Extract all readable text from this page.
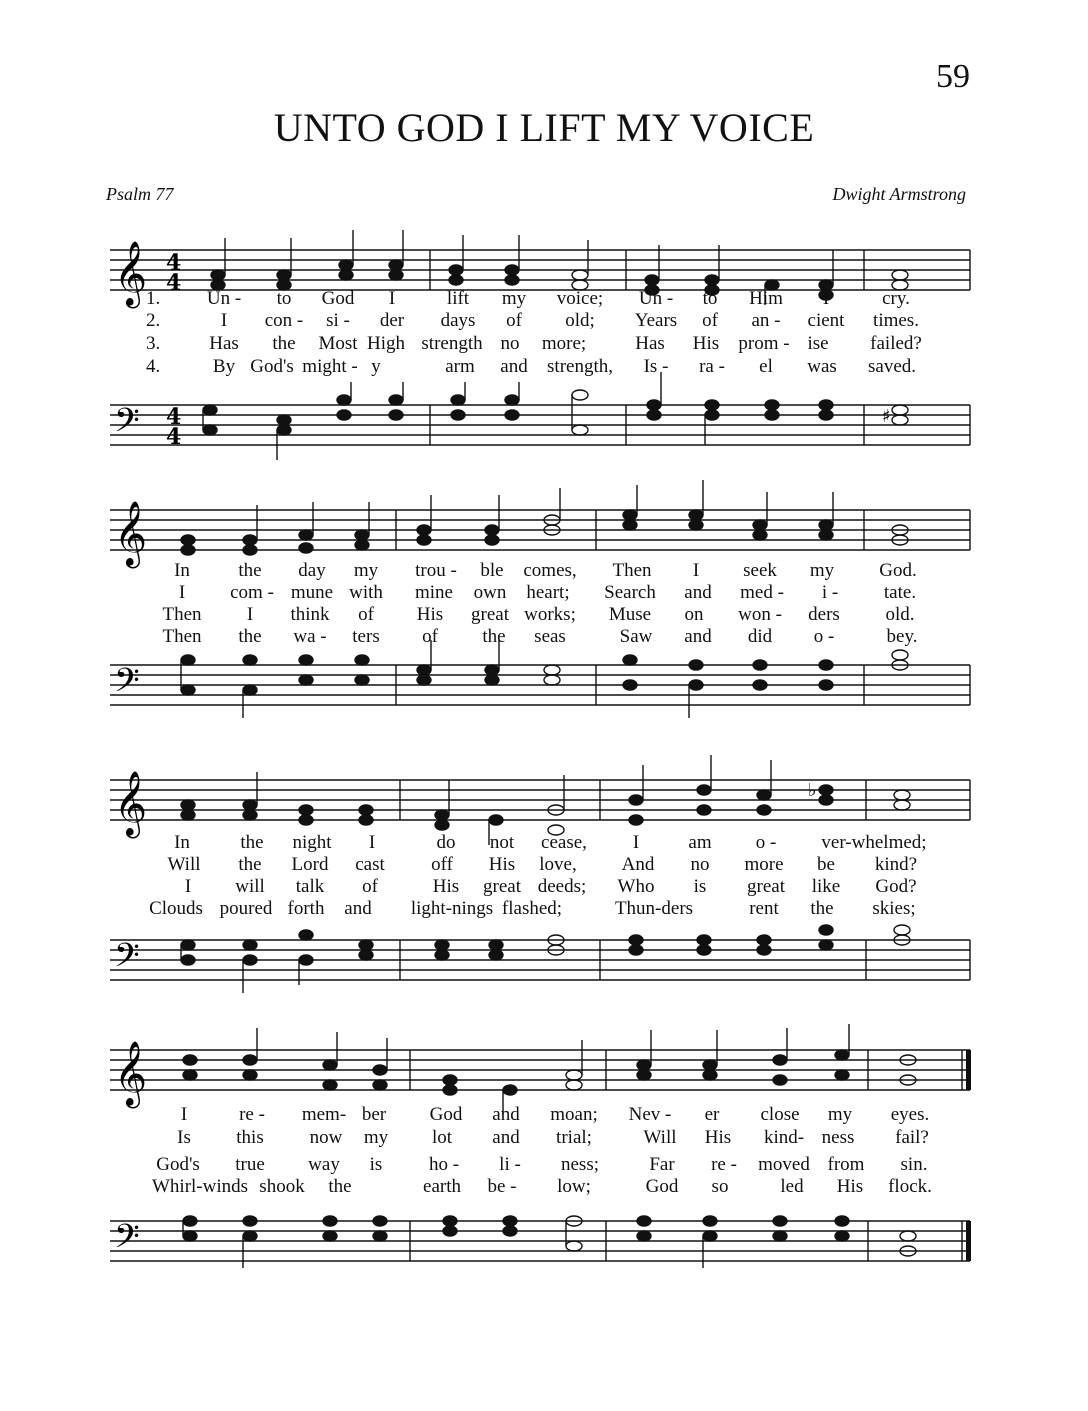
59
UNTO GOD I LIFT MY VOICE
Psalm 77	Dwight Armstrong
𝄞 4
4
1.
2.
3.
4.
Un - to God I	lift my voice; Un - to Him I	cry.
I con - si - der days of old; Years of an - cient times.
Has the Most High strength no more;	Has His prom - ise failed?
By God's might - y	arm and strength, Is - ra - el was saved.
𝄢 4
4
♯
𝄞
In	the day my trou - ble comes, Then I seek my God.
I com - mune with mine own heart; Search and med - i - tate.
Then I think of His great works; Muse on won - ders old.
Then the wa - ters of the seas	Saw and did o -	bey.
𝄢
𝄞	♭
In	the night I	do not cease, I	am o - ver-whelmed;
Will the Lord cast off His love, And no more be kind?
I will talk of	His great deeds; Who is great like God?
Clouds poured forth and light-nings flashed;	Thun-ders	rent the skies;
𝄢
𝄞
I	re - mem- ber God and moan; Nev - er close my eyes.
Is this now my lot and trial;	Will His kind- ness fail?
God's true way is ho - li - ness;	Far re - moved from sin.
Whirl-winds shook the	earth be - low;	God so	led His flock.
𝄢
